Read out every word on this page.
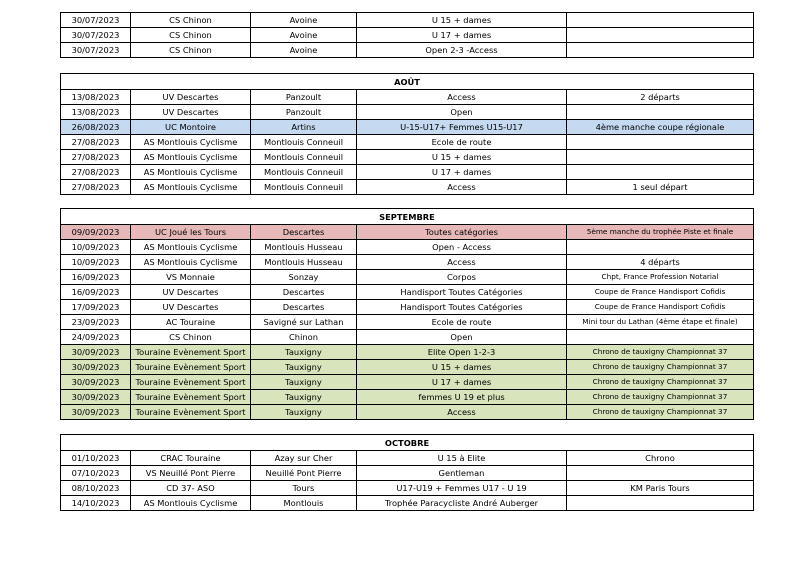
30/07/2023	CS Chinon	Avoine	U 15 + dames	
30/07/2023	CS Chinon	Avoine	U 17 + dames	
30/07/2023	CS Chinon	Avoine	Open 2-3 -Access	
AOÛT				
13/08/2023	UV Descartes	Panzoult	Access	2 départs
13/08/2023	UV Descartes	Panzoult	Open	
26/08/2023	UC Montoire	Artins	U-15-U17+ Femmes U15-U17	4ème manche coupe régionale
27/08/2023	AS Montlouis Cyclisme	Montlouis Conneuil	Ecole de route	
27/08/2023	AS Montlouis Cyclisme	Montlouis Conneuil	U 15 + dames	
27/08/2023	AS Montlouis Cyclisme	Montlouis Conneuil	U 17 + dames	
27/08/2023	AS Montlouis Cyclisme	Montlouis Conneuil	Access	1 seul départ
SEPTEMBRE				
09/09/2023	UC Joué les Tours	Descartes	Toutes catégories	5ème manche du trophée Piste et finale
10/09/2023	AS Montlouis Cyclisme	Montlouis Husseau	Open - Access	
10/09/2023	AS Montlouis Cyclisme	Montlouis Husseau	Access	4 départs
16/09/2023	VS Monnaie	Sonzay	Corpos	Chpt, France Profession Notarial
16/09/2023	UV Descartes	Descartes	Handisport Toutes Catégories	Coupe de France Handisport Cofidis
17/09/2023	UV Descartes	Descartes	Handisport Toutes Catégories	Coupe de France Handisport Cofidis
23/09/2023	AC Touraine	Savigné sur Lathan	Ecole de route	Mini tour du Lathan (4ème étape et finale)
24/09/2023	CS Chinon	Chinon	Open	
30/09/2023	Touraine Evènement Sport	Tauxigny	Elite Open 1-2-3	Chrono de tauxigny Championnat 37
30/09/2023	Touraine Evènement Sport	Tauxigny	U 15 + dames	Chrono de tauxigny Championnat 37
30/09/2023	Touraine Evènement Sport	Tauxigny	U 17 + dames	Chrono de tauxigny Championnat 37
30/09/2023	Touraine Evènement Sport	Tauxigny	femmes U 19 et plus	Chrono de tauxigny Championnat 37
30/09/2023	Touraine Evènement Sport	Tauxigny	Access	Chrono de tauxigny Championnat 37
OCTOBRE				
01/10/2023	CRAC Touraine	Azay sur Cher	U 15 à Elite	Chrono
07/10/2023	VS Neuillé Pont Pierre	Neuillé Pont Pierre	Gentleman	
08/10/2023	CD 37- ASO	Tours	U17-U19 + Femmes U17 - U 19	KM Paris Tours
14/10/2023	AS Montlouis Cyclisme	Montlouis	Trophée Paracycliste André Auberger	
